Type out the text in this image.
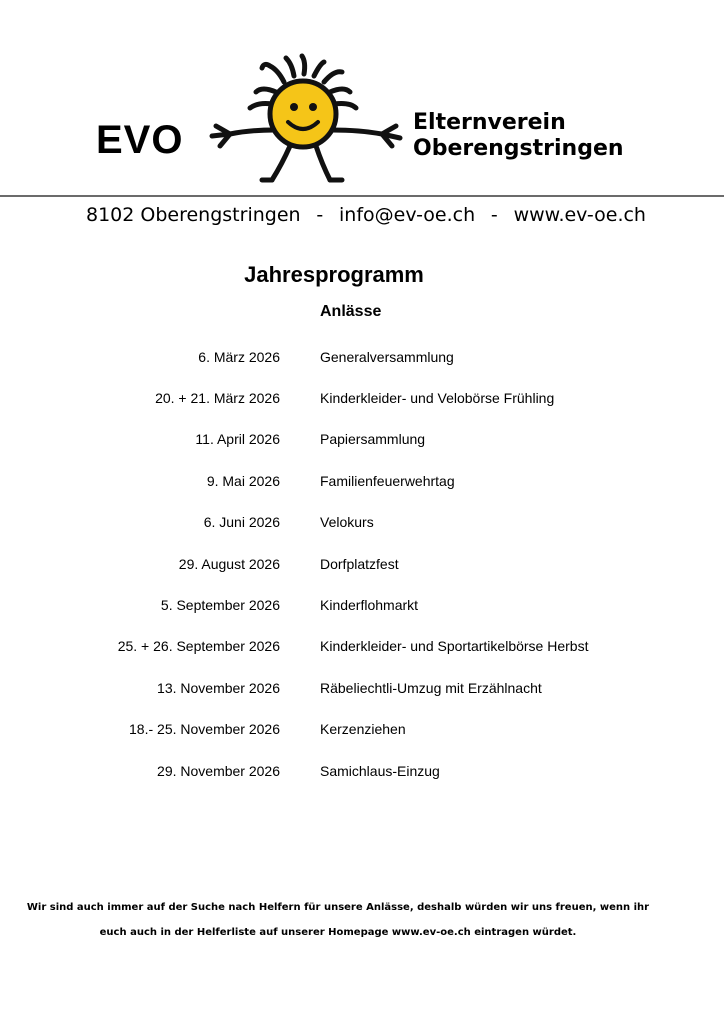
EVO	Elternverein
Oberengstringen
8102 Oberengstringen - info@ev-oe.ch - www.ev-oe.ch
Jahresprogramm
Anlässe
6. März 2026	Generalversammlung
20. + 21. März 2026	Kinderkleider- und Velobörse Frühling
11. April 2026	Papiersammlung
9. Mai 2026	Familienfeuerwehrtag
6. Juni 2026	Velokurs
29. August 2026	Dorfplatzfest
5. September 2026	Kinderflohmarkt
25. + 26. September 2026	Kinderkleider- und Sportartikelbörse Herbst
13. November 2026	Räbeliechtli-Umzug mit Erzählnacht
18.- 25. November 2026	Kerzenziehen
29. November 2026	Samichlaus-Einzug
Wir sind auch immer auf der Suche nach Helfern für unsere Anlässe, deshalb würden wir uns freuen, wenn ihr
euch auch in der Helferliste auf unserer Homepage www.ev-oe.ch eintragen würdet.
